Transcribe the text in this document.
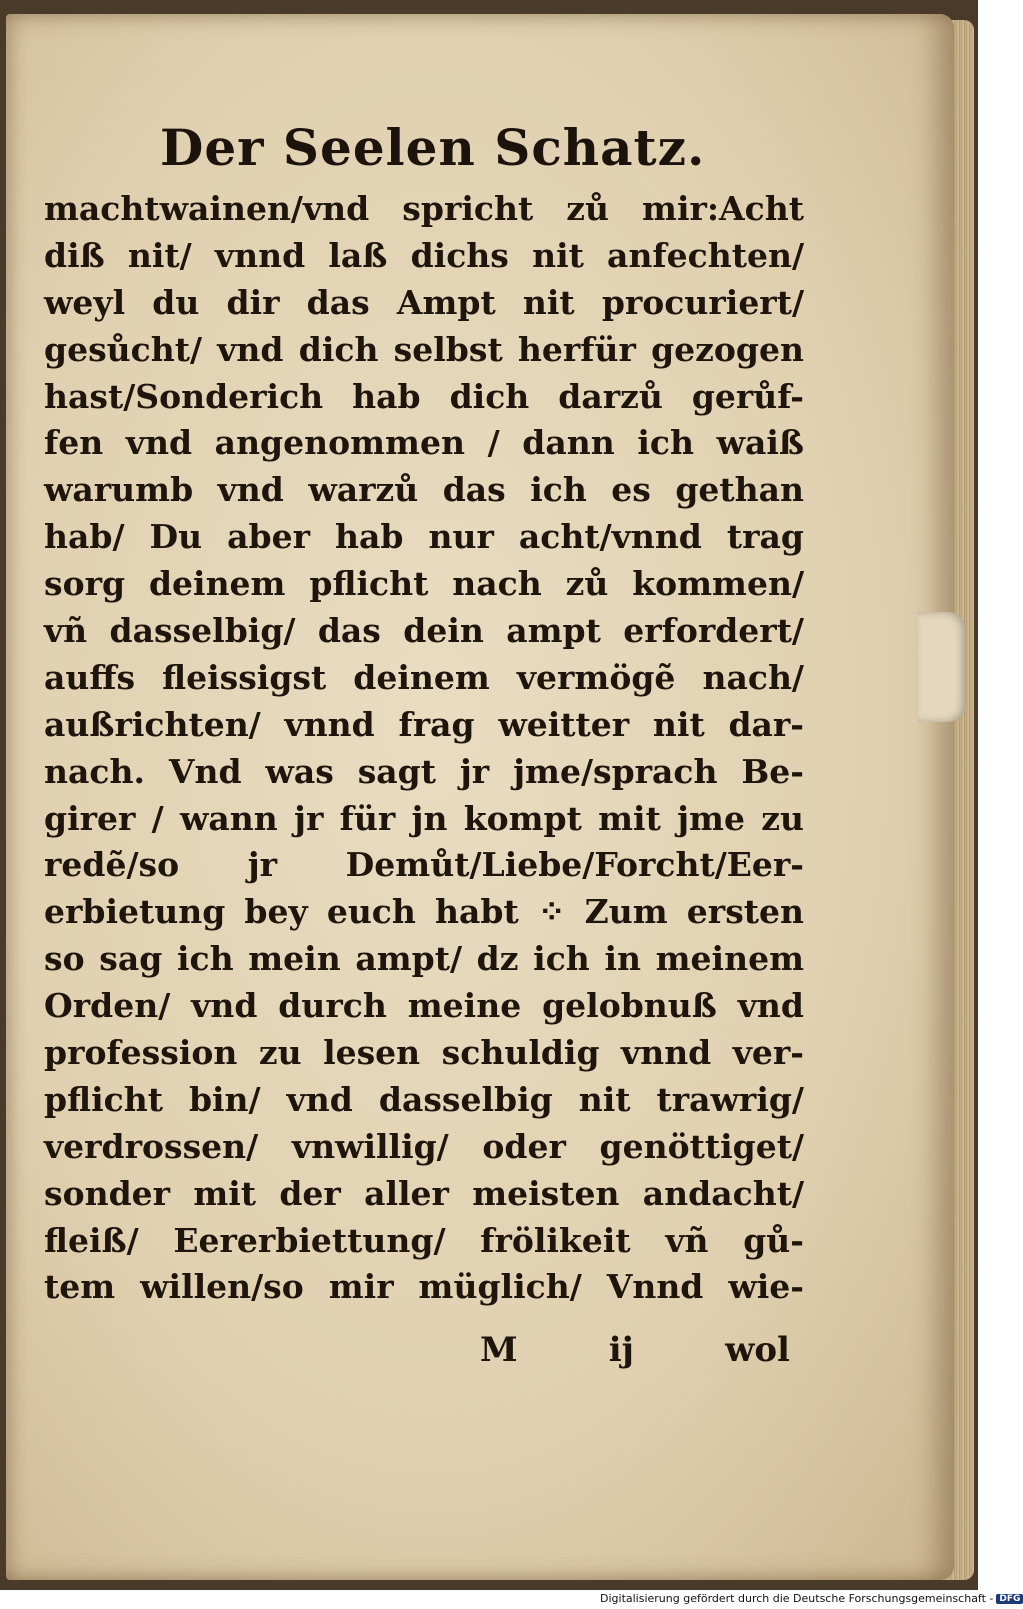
Der Seelen Schatz.
machtwainen/vnd spricht zů mir:Acht
diß nit/ vnnd laß dichs nit anfechten/
weyl du dir das Ampt nit procuriert/
gesůcht/ vnd dich selbst herfür gezogen
hast/Sonderich hab dich darzů gerůf-
fen vnd angenommen / dann ich waiß
warumb vnd warzů das ich es gethan
hab/ Du aber hab nur acht/vnnd trag
sorg deinem pflicht nach zů kommen/
vñ dasselbig/ das dein ampt erfordert/
auffs fleissigst deinem vermögẽ nach/
außrichten/ vnnd frag weitter nit dar-
nach. Vnd was sagt jr jme/sprach Be-
girer / wann jr für jn kompt mit jme zu
redẽ/so jr Demůt/Liebe/Forcht/Eer-
erbietung bey euch habt ⁘ Zum ersten
so sag ich mein ampt/ dz ich in meinem
Orden/ vnd durch meine gelobnuß vnd
profession zu lesen schuldig vnnd ver-
pflicht bin/ vnd dasselbig nit trawrig/
verdrossen/ vnwillig/ oder genöttiget/
sonder mit der aller meisten andacht/
fleiß/ Eererbiettung/ frölikeit vñ gů-
tem willen/so mir müglich/ Vnnd wie-
M	ij	wol
Digitalisierung gefördert durch die Deutsche Forschungsgemeinschaft - DFG
